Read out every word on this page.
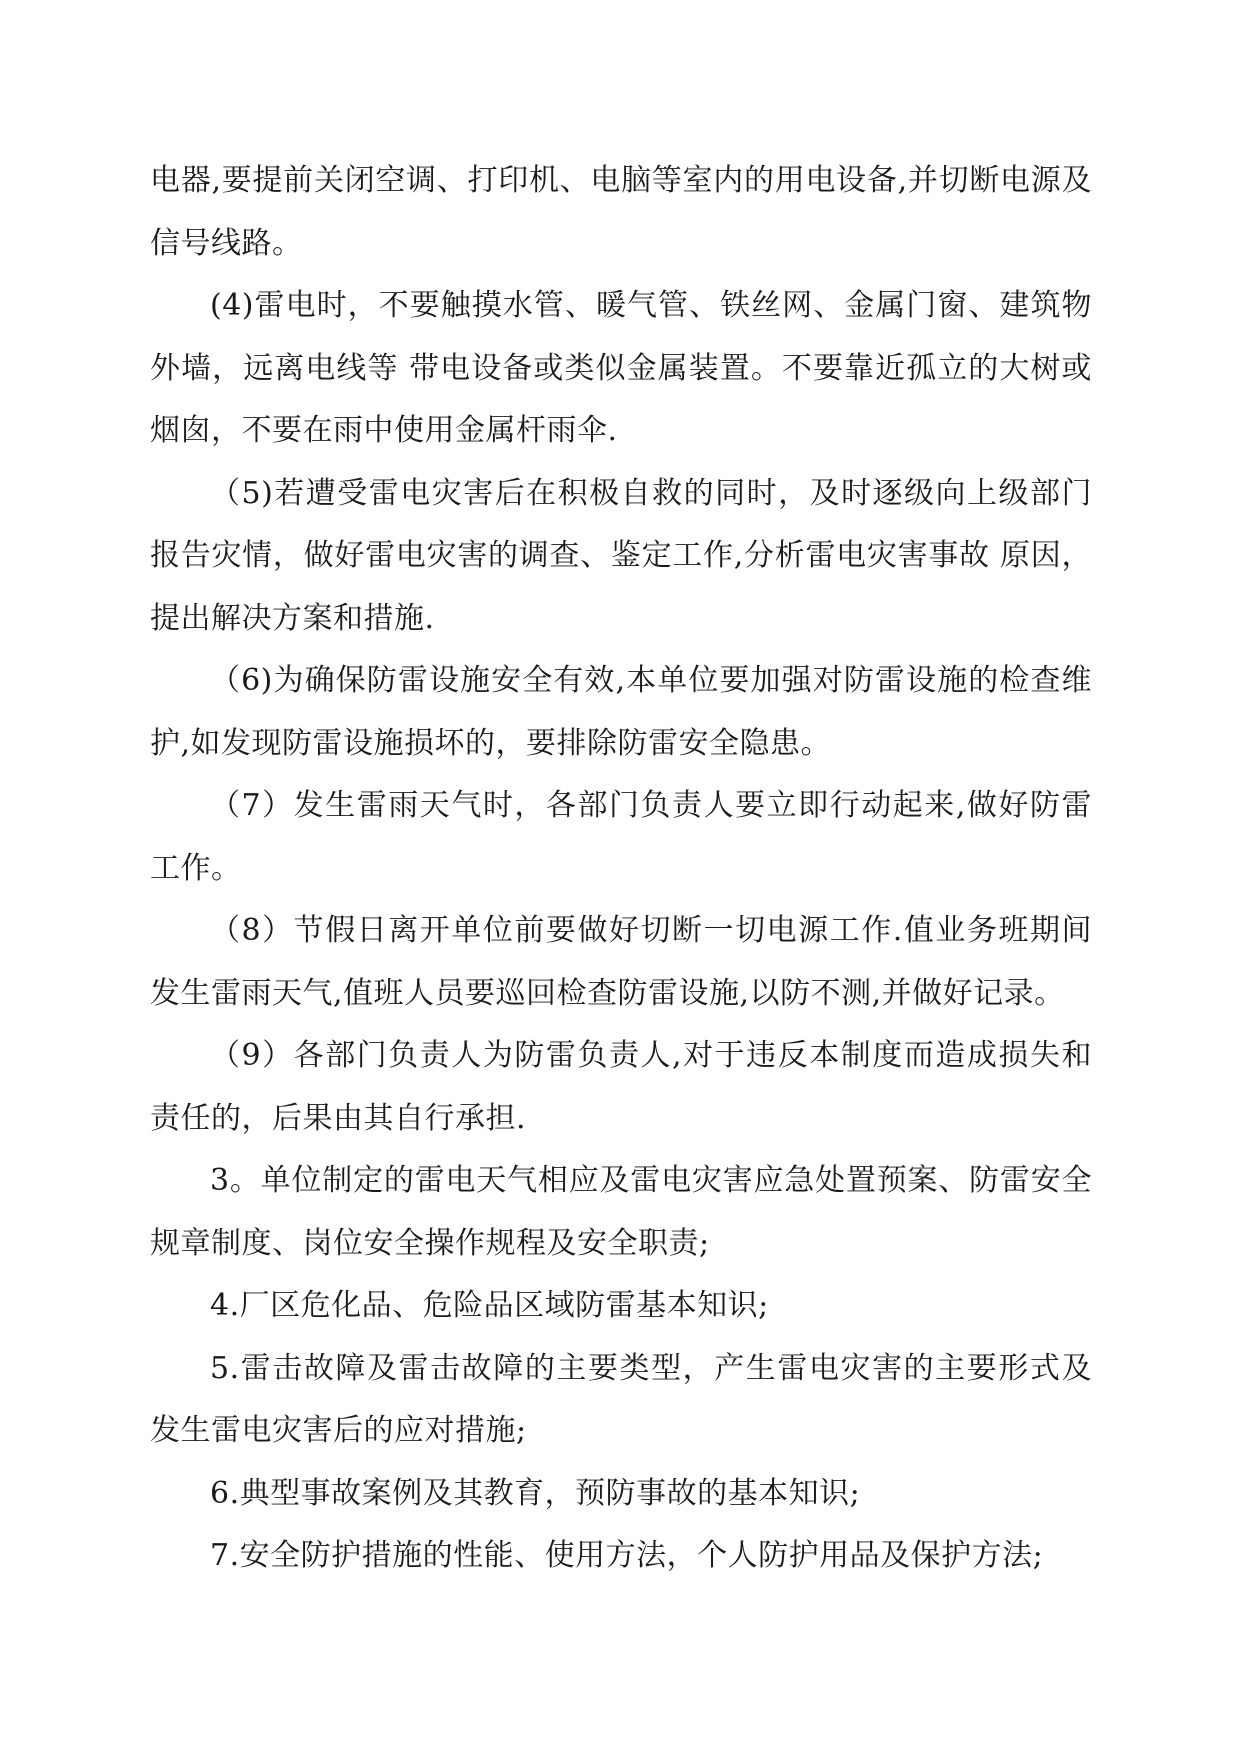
电器,要提前关闭空调、打印机、电脑等室内的用电设备,并切断电源及信号线路。

(4)雷电时，不要触摸水管、暖气管、铁丝网、金属门窗、建筑物外墙，远离电线等 带电设备或类似金属装置。不要靠近孤立的大树或烟囱，不要在雨中使用金属杆雨伞.

（5)若遭受雷电灾害后在积极自救的同时，及时逐级向上级部门报告灾情，做好雷电灾害的调查、鉴定工作,分析雷电灾害事故 原因，提出解决方案和措施.

（6)为确保防雷设施安全有效,本单位要加强对防雷设施的检查维护,如发现防雷设施损坏的，要排除防雷安全隐患。

（7）发生雷雨天气时，各部门负责人要立即行动起来,做好防雷工作。

（8）节假日离开单位前要做好切断一切电源工作.值业务班期间发生雷雨天气,值班人员要巡回检查防雷设施,以防不测,并做好记录。

（9）各部门负责人为防雷负责人,对于违反本制度而造成损失和责任的，后果由其自行承担.

3。单位制定的雷电天气相应及雷电灾害应急处置预案、防雷安全规章制度、岗位安全操作规程及安全职责;

4.厂区危化品、危险品区域防雷基本知识;

5.雷击故障及雷击故障的主要类型，产生雷电灾害的主要形式及发生雷电灾害后的应对措施;

6.典型事故案例及其教育，预防事故的基本知识;

7.安全防护措施的性能、使用方法，个人防护用品及保护方法;
